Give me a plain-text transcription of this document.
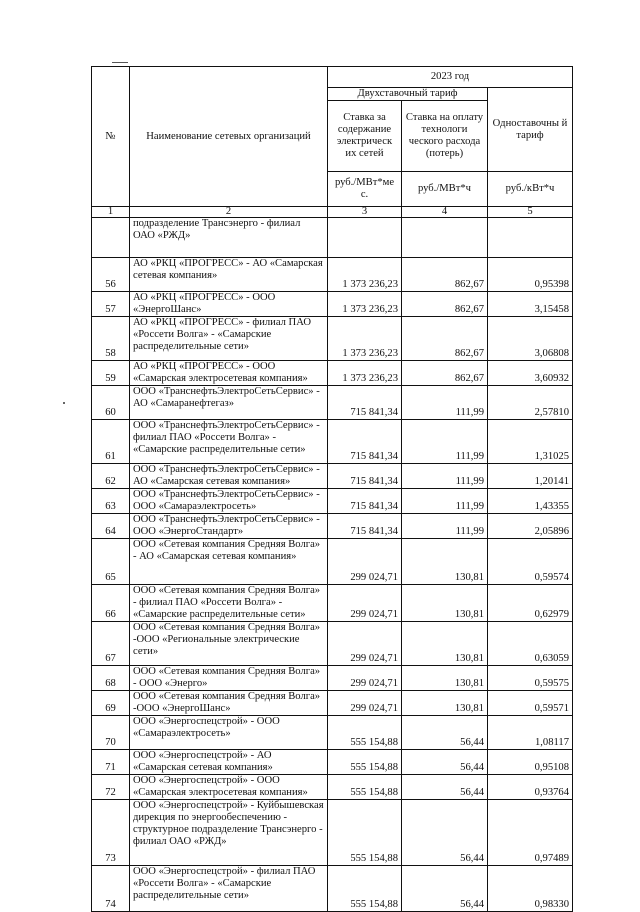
№	Наименование сетевых организаций	2023 год		
		Двухставочный тариф		Одноставочны й тариф
		Ставка за содержание электрическ их сетей	Ставка на оплату технологи ческого расхода (потерь)	
		руб./МВт*ме с.	руб./МВт*ч	руб./кВт*ч
1	2	3	4	5
	подразделение Трансэнерго - филиал ОАО «РЖД»			
56	АО «РКЦ «ПРОГРЕСС» - АО «Самарская сетевая компания»	1 373 236,23	862,67	0,95398
57	АО «РКЦ «ПРОГРЕСС» - ООО «ЭнергоШанс»	1 373 236,23	862,67	3,15458
58	АО «РКЦ «ПРОГРЕСС» - филиал ПАО «Россети Волга» - «Самарские распределительные сети»	1 373 236,23	862,67	3,06808
59	АО «РКЦ «ПРОГРЕСС» - ООО «Самарская электросетевая компания»	1 373 236,23	862,67	3,60932
60	ООО «ТранснефтьЭлектроСетьСервис» - АО «Самаранефтегаз»	715 841,34	111,99	2,57810
61	ООО «ТранснефтьЭлектроСетьСервис» - филиал ПАО «Россети Волга» - «Самарские распределительные сети»	715 841,34	111,99	1,31025
62	ООО «ТранснефтьЭлектроСетьСервис» - АО «Самарская сетевая компания»	715 841,34	111,99	1,20141
63	ООО «ТранснефтьЭлектроСетьСервис» - ООО «Самараэлектросеть»	715 841,34	111,99	1,43355
64	ООО «ТранснефтьЭлектроСетьСервис» - ООО «ЭнергоСтандарт»	715 841,34	111,99	2,05896
65	ООО «Сетевая компания Средняя Волга» - АО «Самарская сетевая компания»	299 024,71	130,81	0,59574
66	ООО «Сетевая компания Средняя Волга» - филиал ПАО «Россети Волга» - «Самарские распределительные сети»	299 024,71	130,81	0,62979
67	ООО «Сетевая компания Средняя Волга» -ООО «Региональные электрические сети»	299 024,71	130,81	0,63059
68	ООО «Сетевая компания Средняя Волга» - ООО «Энерго»	299 024,71	130,81	0,59575
69	ООО «Сетевая компания Средняя Волга» -ООО «ЭнергоШанс»	299 024,71	130,81	0,59571
70	ООО «Энергоспецстрой» - ООО «Самараэлектросеть»	555 154,88	56,44	1,08117
71	ООО «Энергоспецстрой» - АО «Самарская сетевая компания»	555 154,88	56,44	0,95108
72	ООО «Энергоспецстрой» - ООО «Самарская электросетевая компания»	555 154,88	56,44	0,93764
73	ООО «Энергоспецстрой» - Куйбышевская дирекция по энергообеспечению - структурное подразделение Трансэнерго - филиал ОАО «РЖД»	555 154,88	56,44	0,97489
74	ООО «Энергоспецстрой» - филиал ПАО «Россети Волга» - «Самарские распределительные сети»	555 154,88	56,44	0,98330
